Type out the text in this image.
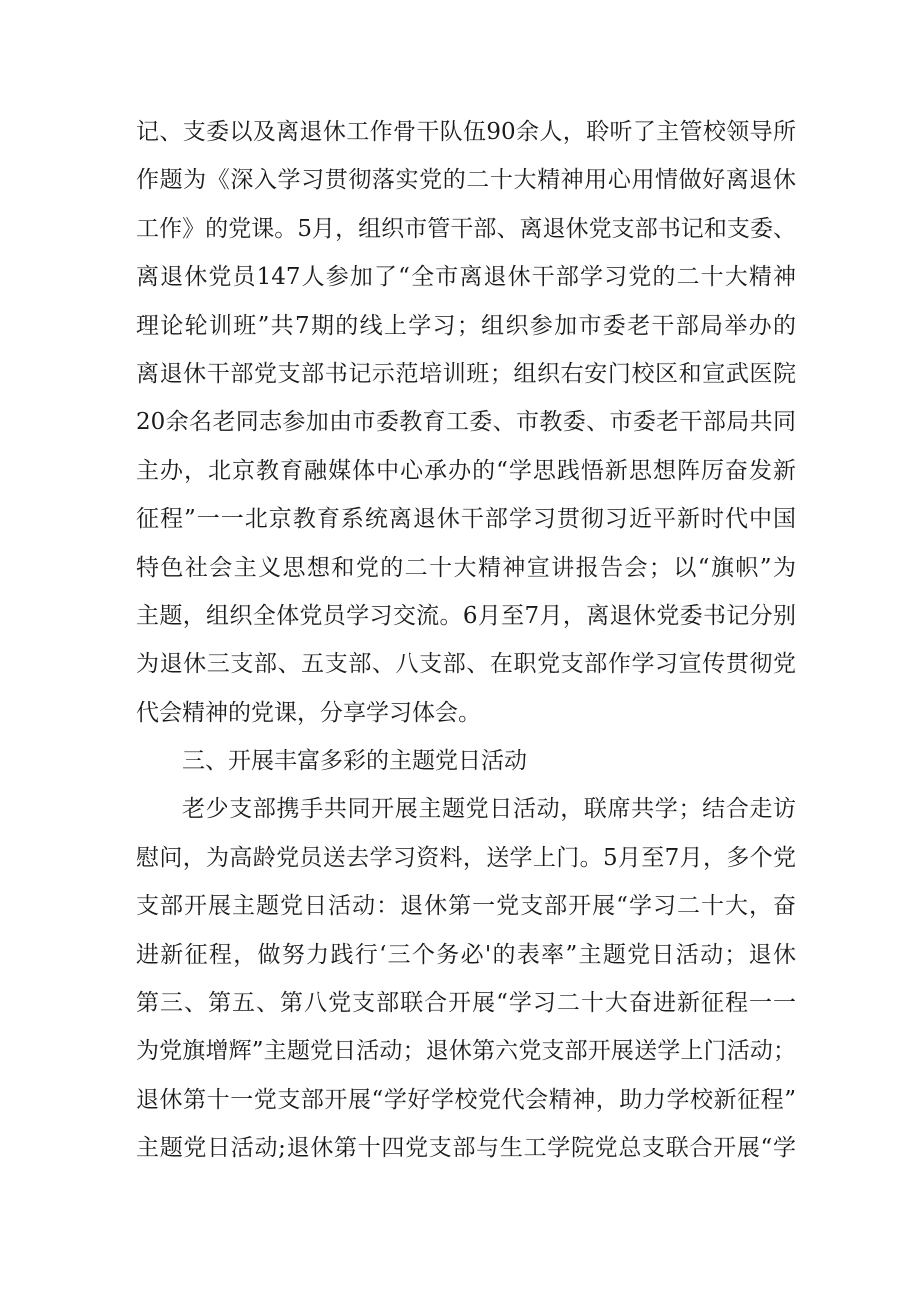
记、支委以及离退休工作骨干队伍90余人，聆听了主管校领导所
作题为《深入学习贯彻落实党的二十大精神用心用情做好离退休
工作》的党课。5月，组织市管干部、离退休党支部书记和支委、
离退休党员147人参加了“全市离退休干部学习党的二十大精神
理论轮训班”共7期的线上学习；组织参加市委老干部局举办的
离退休干部党支部书记示范培训班；组织右安门校区和宣武医院
20余名老同志参加由市委教育工委、市教委、市委老干部局共同
主办，北京教育融媒体中心承办的“学思践悟新思想阵厉奋发新
征程”一一北京教育系统离退休干部学习贯彻习近平新时代中国
特色社会主义思想和党的二十大精神宣讲报告会；以“旗帜”为
主题，组织全体党员学习交流。6月至7月，离退休党委书记分别
为退休三支部、五支部、八支部、在职党支部作学习宣传贯彻党
代会精神的党课，分享学习体会。
三、开展丰富多彩的主题党日活动
老少支部携手共同开展主题党日活动，联席共学；结合走访
慰问，为高龄党员送去学习资料，送学上门。5月至7月，多个党
支部开展主题党日活动：退休第一党支部开展“学习二十大，奋
进新征程，做努力践行‘三个务必'的表率”主题党日活动；退休
第三、第五、第八党支部联合开展“学习二十大奋进新征程一一
为党旗增辉”主题党日活动；退休第六党支部开展送学上门活动；
退休第十一党支部开展“学好学校党代会精神，助力学校新征程”
主题党日活动;退休第十四党支部与生工学院党总支联合开展“学
